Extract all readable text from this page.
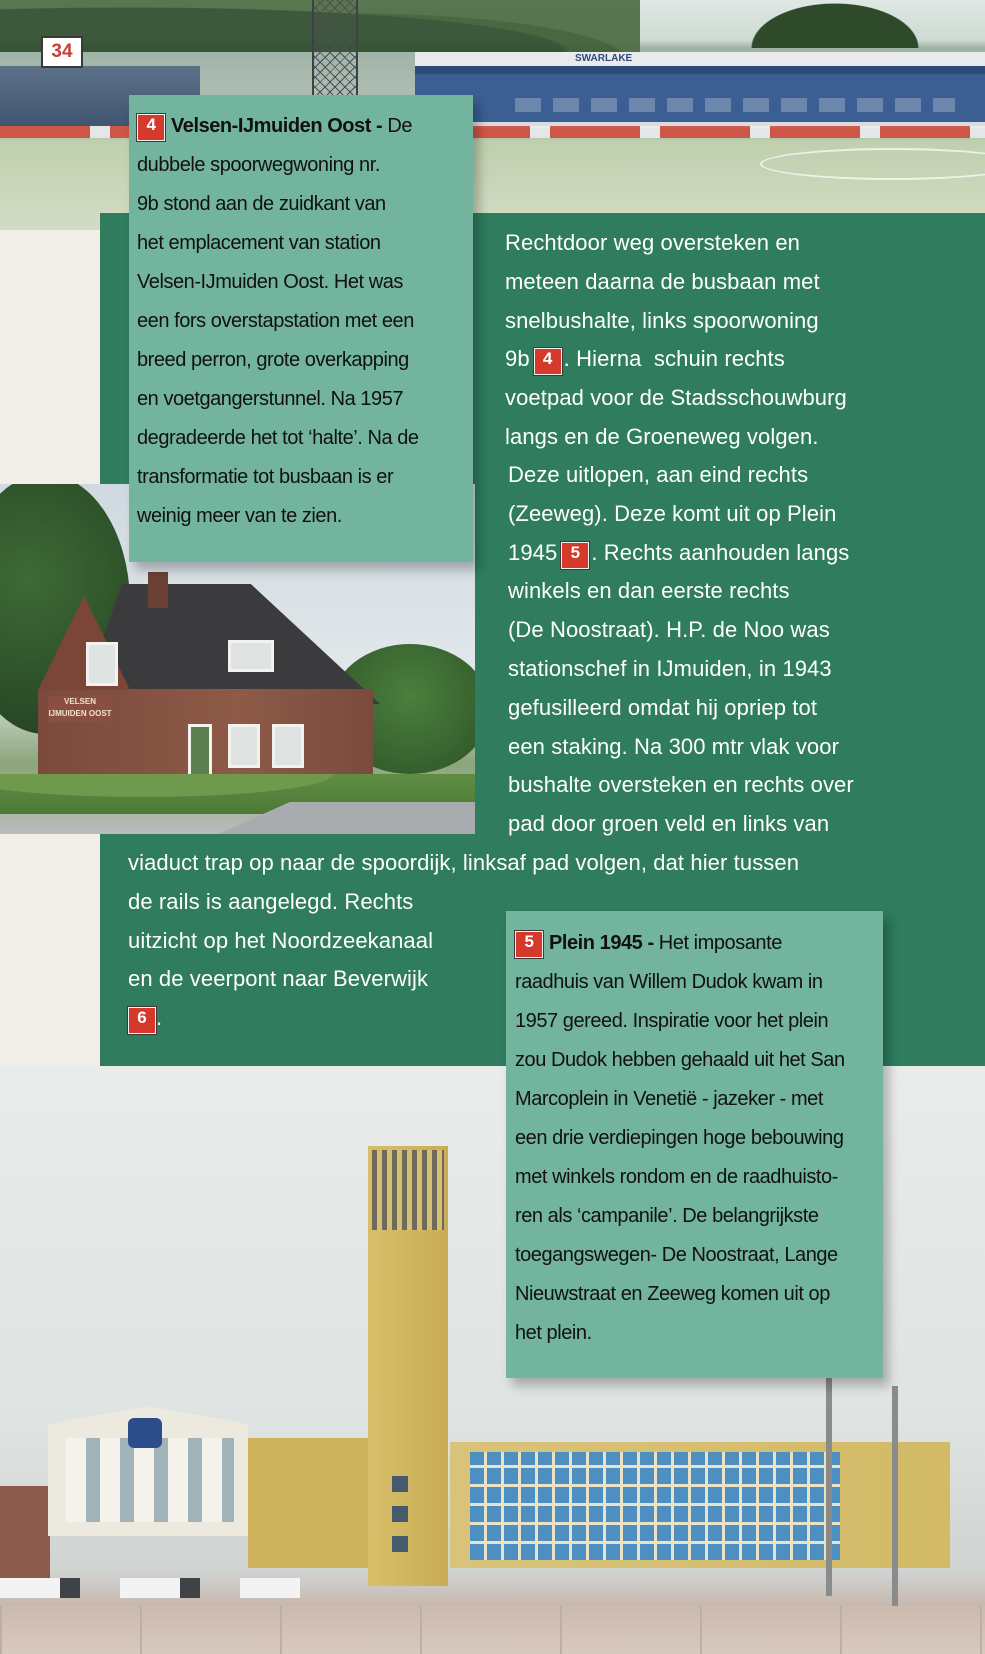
SWARLAKE
VELSEN
IJMUIDEN OOST
34

4 Velsen-IJmuiden Oost - De

dubbele spoorwegwoning nr.

9b stond aan de zuidkant van

het emplacement van station

Velsen-IJmuiden Oost. Het was

een fors overstapstation met een

breed perron, grote overkapping

en voetgangerstunnel. Na 1957

degradeerde het tot ‘halte’. Na de

transformatie tot busbaan is er

weinig meer van te zien.

Rechtdoor weg oversteken en
meteen daarna de busbaan met
snelbushalte, links spoorwoning
9b 4 . Hierna  schuin rechts
voetpad voor de Stadsschouwburg
langs en de Groeneweg volgen.
Deze uitlopen, aan eind rechts
(Zeeweg). Deze komt uit op Plein
1945 5 . Rechts aanhouden langs
winkels en dan eerste rechts
(De Noostraat). H.P. de Noo was
stationschef in IJmuiden, in 1943
gefusilleerd omdat hij opriep tot
een staking. Na 300 mtr vlak voor
bushalte oversteken en rechts over
pad door groen veld en links van
viaduct trap op naar de spoordijk, linksaf pad volgen, dat hier tussen
de rails is aangelegd. Rechts
uitzicht op het Noordzeekanaal
en de veerpont naar Beverwijk
6 .

5 Plein 1945 - Het imposante

raadhuis van Willem Dudok kwam in

1957 gereed. Inspiratie voor het plein

zou Dudok hebben gehaald uit het San

Marcoplein in Venetië - jazeker - met

een drie verdiepingen hoge bebouwing

met winkels rondom en de raadhuisto-

ren als ‘campanile’. De belangrijkste

toegangswegen- De Noostraat, Lange

Nieuwstraat en Zeeweg komen uit op

het plein.
